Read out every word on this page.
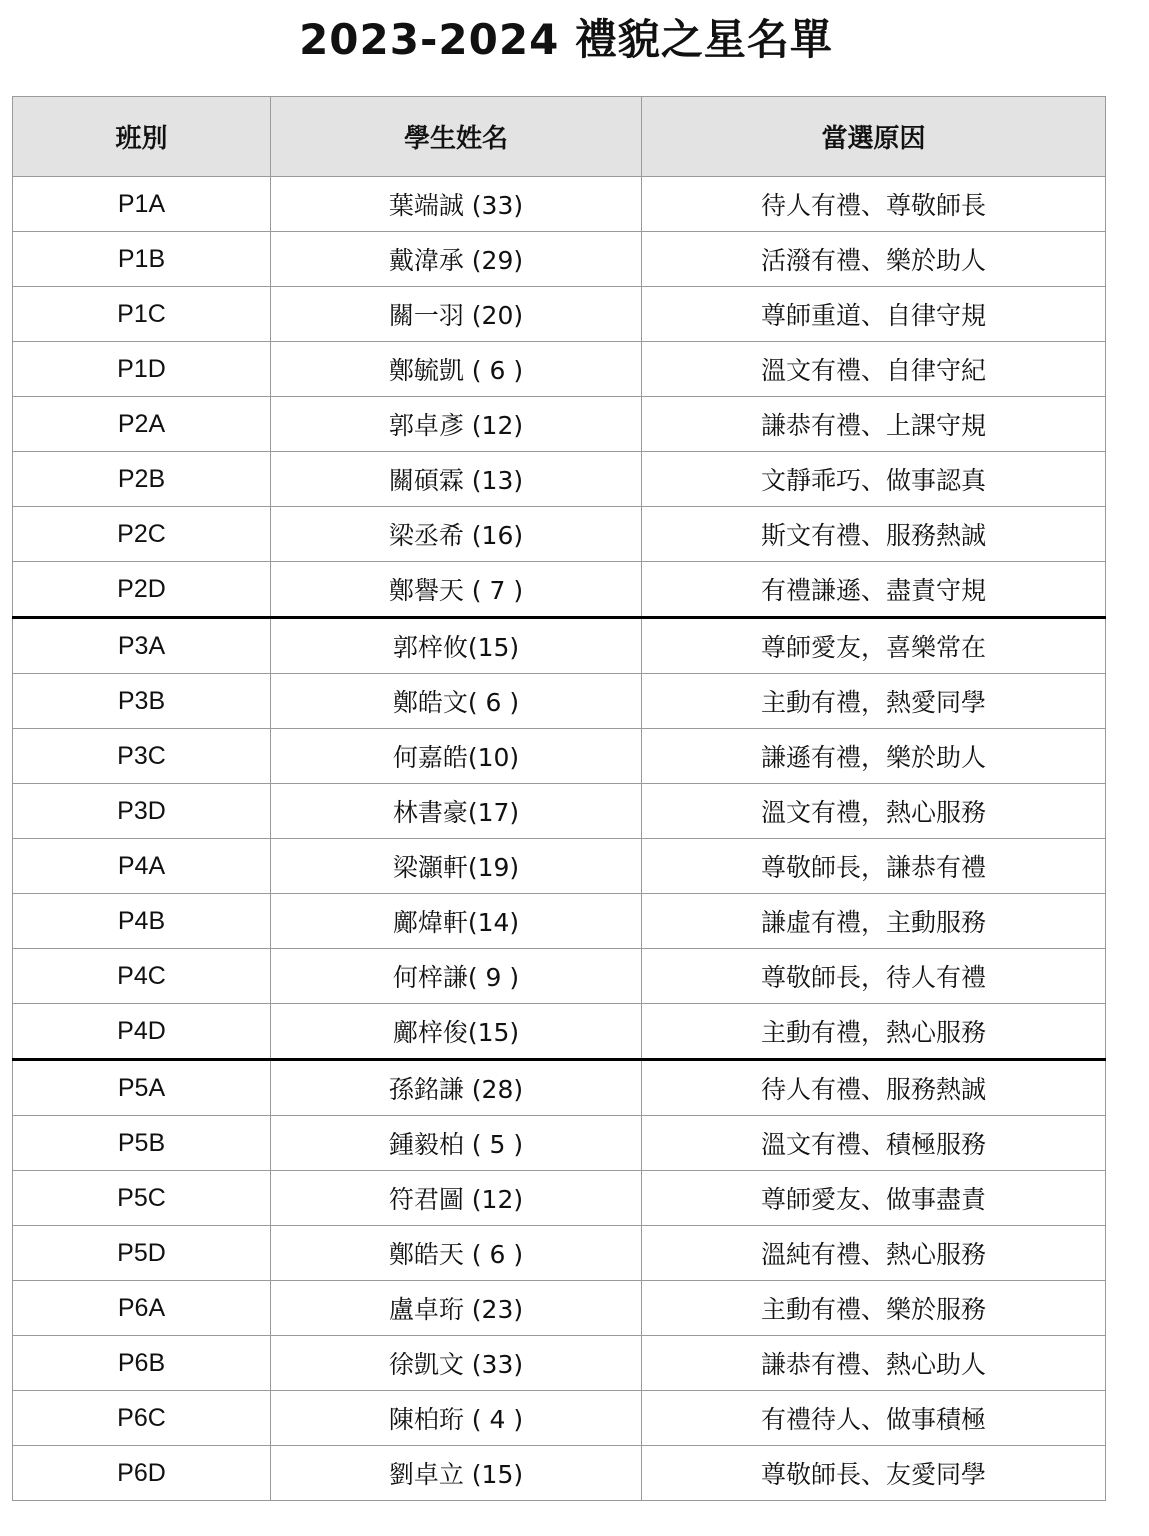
2023-2024 禮貌之星名單
班別	學生姓名	當選原因
P1A	葉端誠 (33)	待人有禮、尊敬師長
P1B	戴湋承 (29)	活潑有禮、樂於助人
P1C	關一羽 (20)	尊師重道、自律守規
P1D	鄭毓凱 ( 6 )	溫文有禮、自律守紀
P2A	郭卓彥 (12)	謙恭有禮、上課守規
P2B	關碩霖 (13)	文靜乖巧、做事認真
P2C	梁丞希 (16)	斯文有禮、服務熱誠
P2D	鄭譽天 ( 7 )	有禮謙遜、盡責守規
P3A	郭梓攸(15)	尊師愛友，喜樂常在
P3B	鄭皓文( 6 )	主動有禮，熱愛同學
P3C	何嘉皓(10)	謙遜有禮，樂於助人
P3D	林書豪(17)	溫文有禮，熱心服務
P4A	梁灝軒(19)	尊敬師長，謙恭有禮
P4B	鄺煒軒(14)	謙虛有禮，主動服務
P4C	何梓謙( 9 )	尊敬師長，待人有禮
P4D	鄺梓俊(15)	主動有禮，熱心服務
P5A	孫銘謙 (28)	待人有禮、服務熱誠
P5B	鍾毅柏 ( 5 )	溫文有禮、積極服務
P5C	符君圖 (12)	尊師愛友、做事盡責
P5D	鄭皓天 ( 6 )	溫純有禮、熱心服務
P6A	盧卓珩 (23)	主動有禮、樂於服務
P6B	徐凱文 (33)	謙恭有禮、熱心助人
P6C	陳柏珩 ( 4 )	有禮待人、做事積極
P6D	劉卓立 (15)	尊敬師長、友愛同學
